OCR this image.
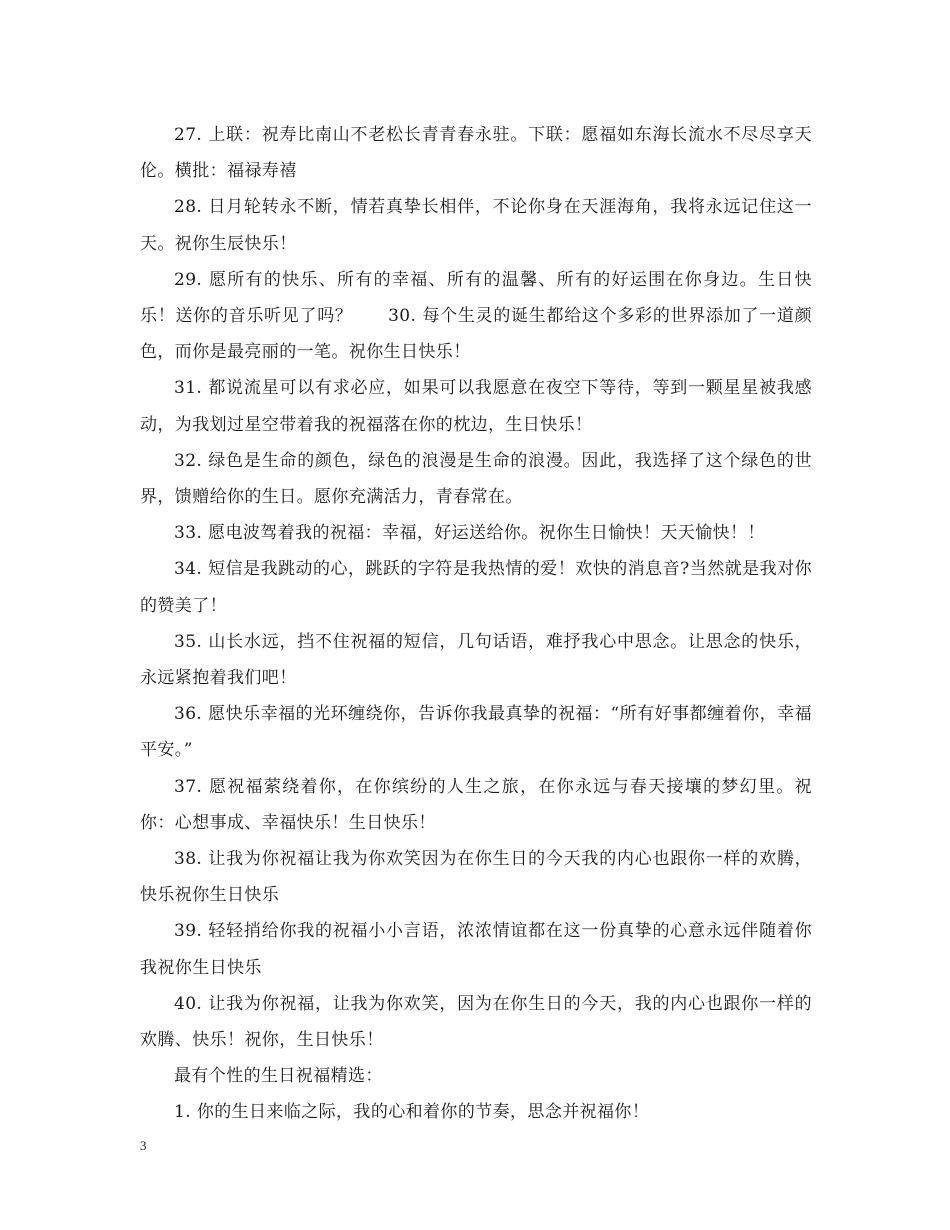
27. 上联：祝寿比南山不老松长青青春永驻。下联：愿福如东海长流水不尽尽享天伦。横批：福禄寿禧

28. 日月轮转永不断，情若真挚长相伴，不论你身在天涯海角，我将永远记住这一天。祝你生辰快乐！

29. 愿所有的快乐、所有的幸福、所有的温馨、所有的好运围在你身边。生日快乐！送你的音乐听见了吗？　　30. 每个生灵的诞生都给这个多彩的世界添加了一道颜色，而你是最亮丽的一笔。祝你生日快乐！

31. 都说流星可以有求必应，如果可以我愿意在夜空下等待，等到一颗星星被我感动，为我划过星空带着我的祝福落在你的枕边，生日快乐！

32. 绿色是生命的颜色，绿色的浪漫是生命的浪漫。因此，我选择了这个绿色的世界，馈赠给你的生日。愿你充满活力，青春常在。

33. 愿电波驾着我的祝福：幸福，好运送给你。祝你生日愉快！天天愉快！！

34. 短信是我跳动的心，跳跃的字符是我热情的爱！欢快的消息音?当然就是我对你的赞美了！

35. 山长水远，挡不住祝福的短信，几句话语，难抒我心中思念。让思念的快乐，永远紧抱着我们吧！

36. 愿快乐幸福的光环缠绕你，告诉你我最真挚的祝福：“所有好事都缠着你，幸福平安。”

37. 愿祝福萦绕着你，在你缤纷的人生之旅，在你永远与春天接壤的梦幻里。祝你：心想事成、幸福快乐！生日快乐！

38. 让我为你祝福让我为你欢笑因为在你生日的今天我的内心也跟你一样的欢腾，快乐祝你生日快乐

39. 轻轻捎给你我的祝福小小言语，浓浓情谊都在这一份真挚的心意永远伴随着你我祝你生日快乐

40. 让我为你祝福，让我为你欢笑，因为在你生日的今天，我的内心也跟你一样的欢腾、快乐！祝你，生日快乐！

最有个性的生日祝福精选：

1. 你的生日来临之际，我的心和着你的节奏，思念并祝福你！

3
